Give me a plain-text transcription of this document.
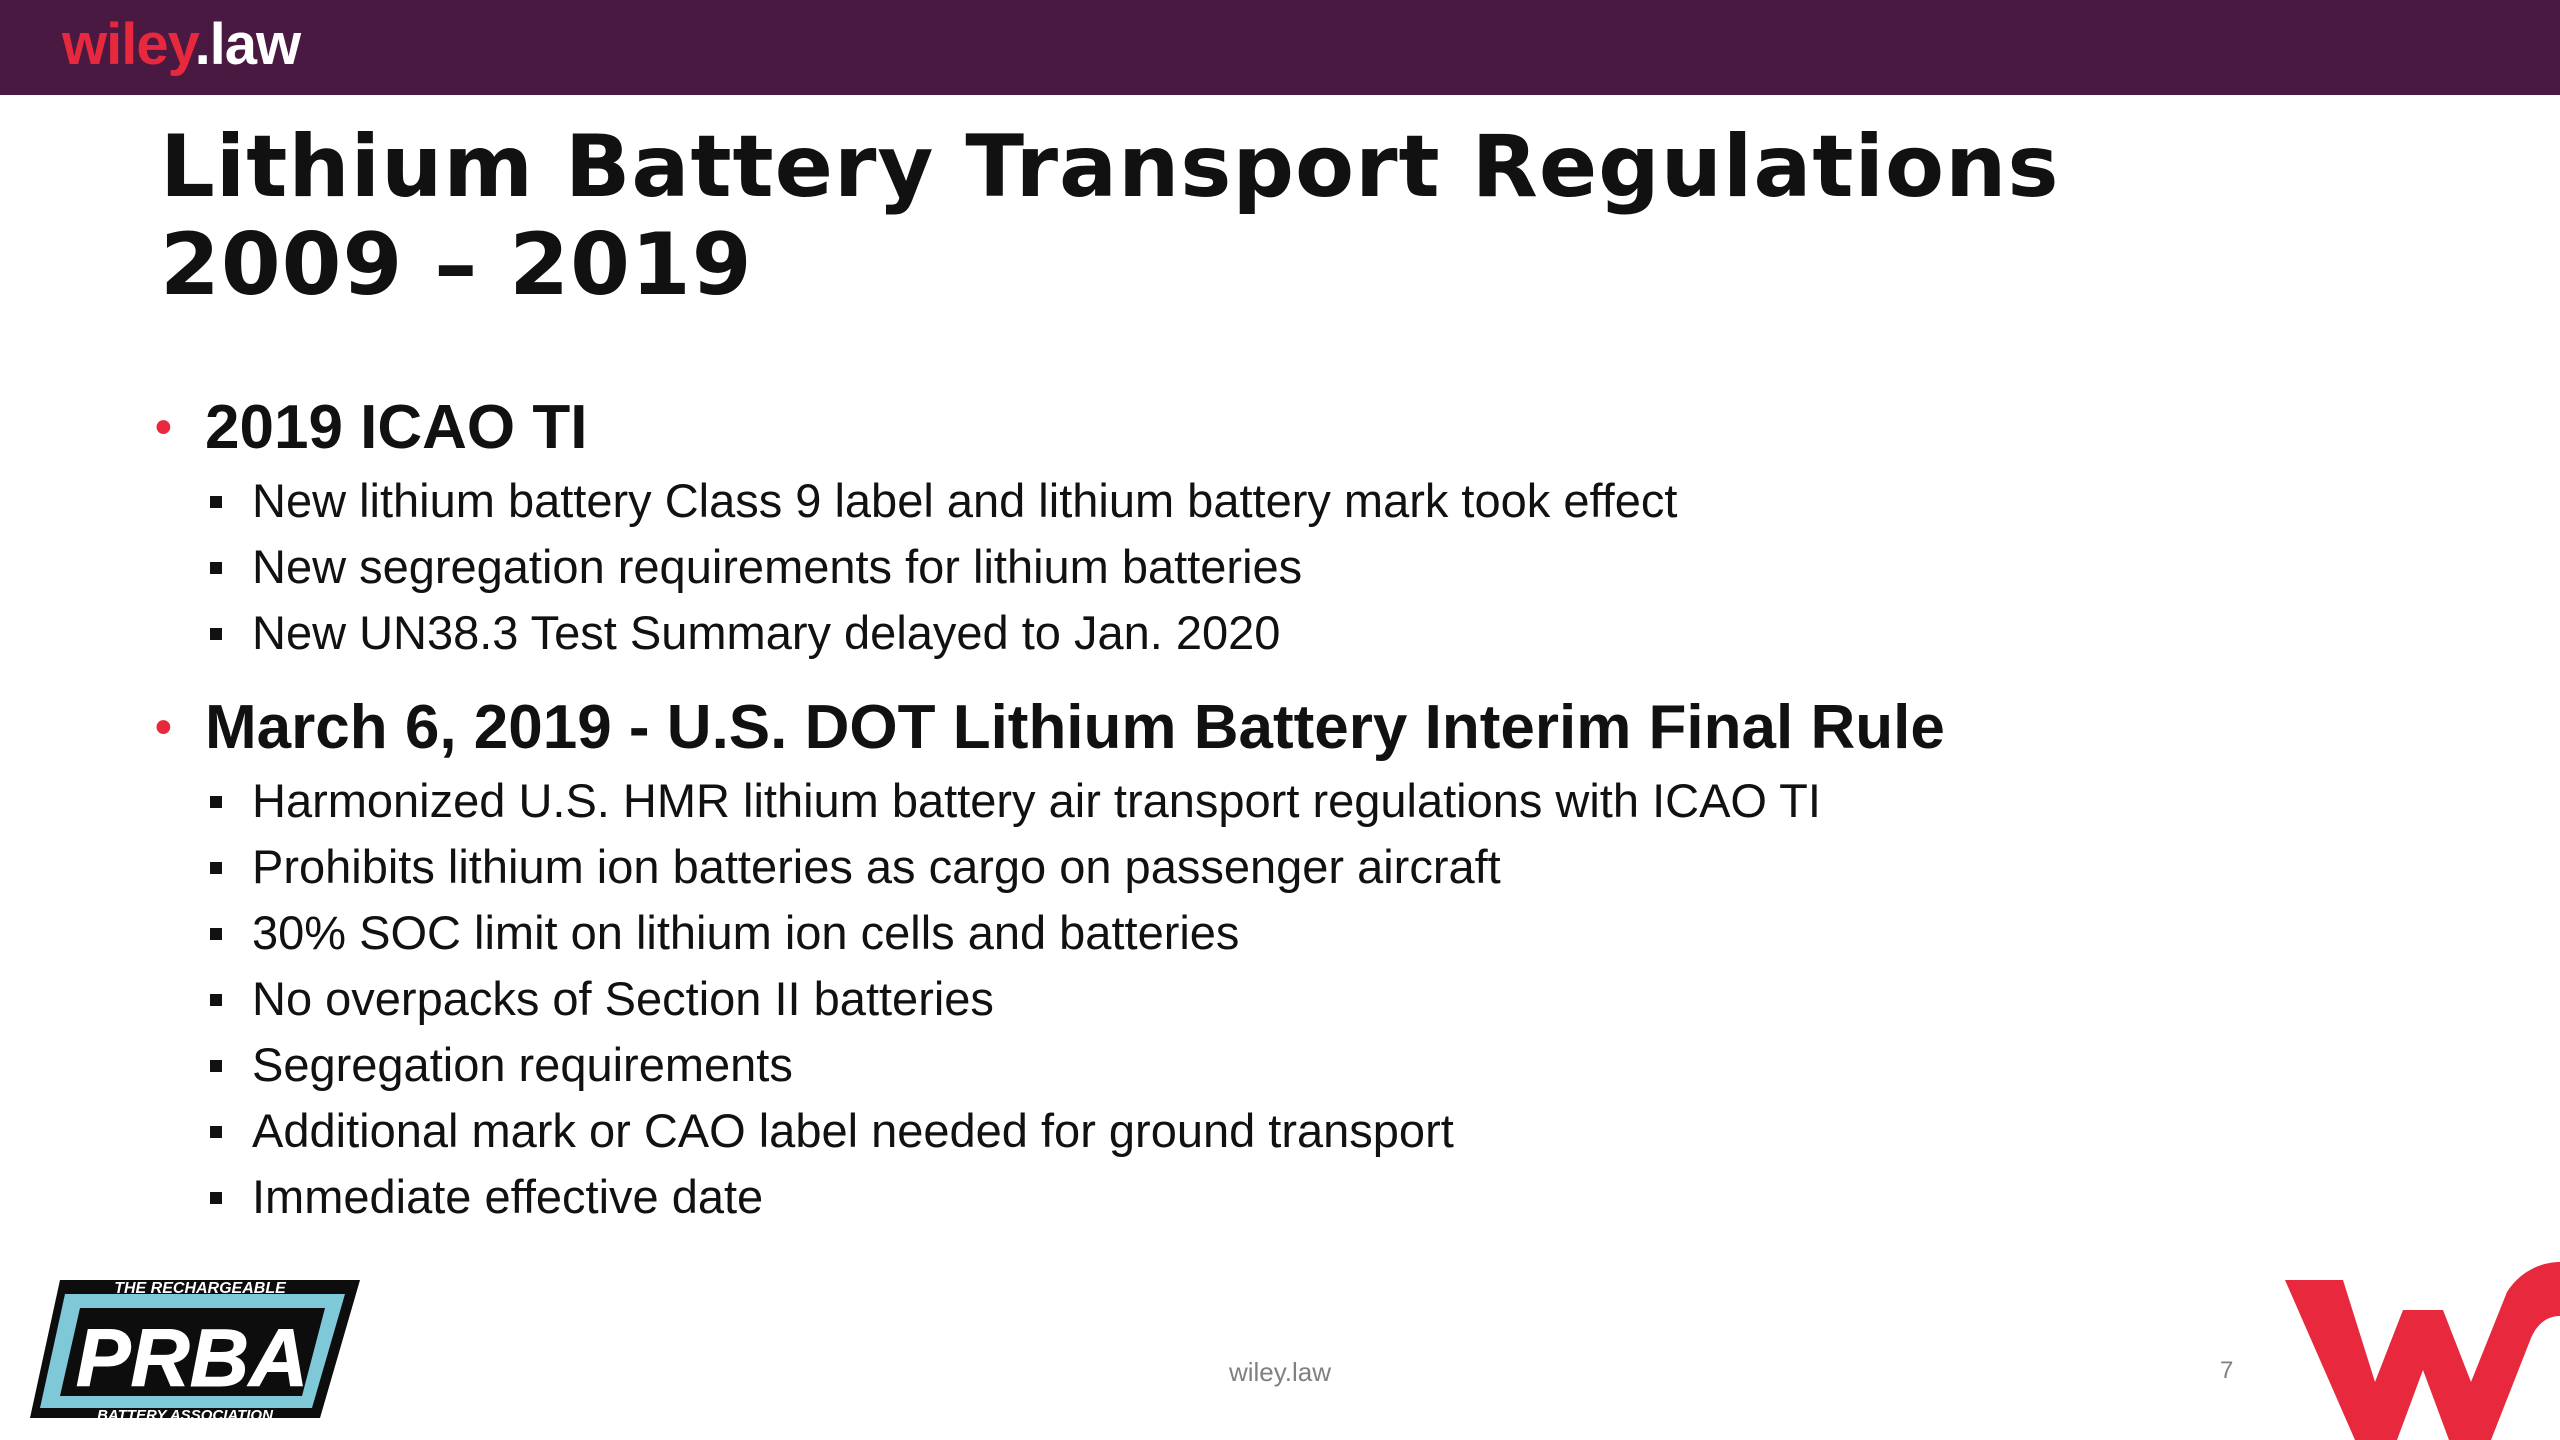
wiley.law
Lithium Battery Transport Regulations
2009 – 2019
• 2019 ICAO TI
New lithium battery Class 9 label and lithium battery mark took effect
New segregation requirements for lithium batteries
New UN38.3 Test Summary delayed to Jan. 2020
• March 6, 2019 - U.S. DOT Lithium Battery Interim Final Rule
Harmonized U.S. HMR lithium battery air transport regulations with ICAO TI
Prohibits lithium ion batteries as cargo on passenger aircraft
30% SOC limit on lithium ion cells and batteries
No overpacks of Section II batteries
Segregation requirements
Additional mark or CAO label needed for ground transport
Immediate effective date
THE RECHARGEABLE
PRBA
BATTERY ASSOCIATION
wiley.law	7
